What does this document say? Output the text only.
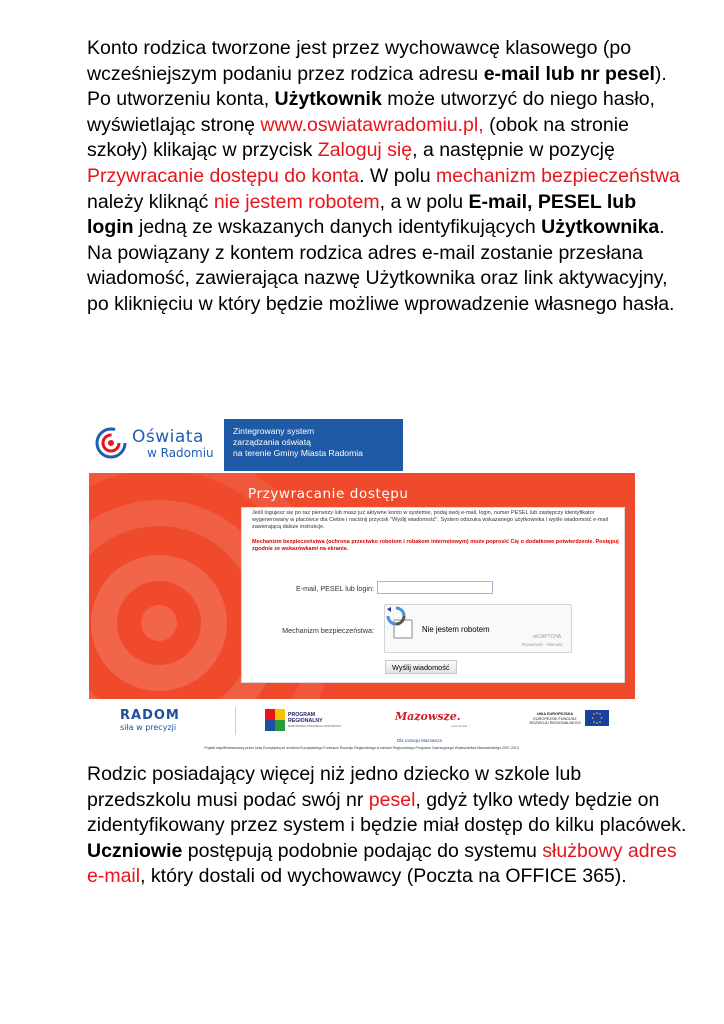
Konto rodzica tworzone jest przez wychowawcę klasowego (po wcześniejszym podaniu przez rodzica adresu e-mail lub nr pesel). Po utworzeniu konta, Użytkownik może utworzyć do niego hasło, wyświetlając stronę www.oswiatawradomiu.pl, (obok na stronie szkoły) klikając w przycisk Zaloguj się, a następnie w pozycję Przywracanie dostępu do konta. W polu mechanizm bezpieczeństwa należy kliknąć nie jestem robotem, a w polu E-mail, PESEL lub login jedną ze wskazanych danych identyfikujących Użytkownika. Na powiązany z kontem rodzica adres e-mail zostanie przesłana wiadomość, zawierająca nazwę Użytkownika oraz link aktywacyjny, po kliknięciu w który będzie możliwe wprowadzenie własnego hasła.
Oświata
w Radomiu
Zintegrowany system
zarządzania oświatą
na terenie Gminy Miasta Radomia
Przywracanie dostępu
Jeśli logujesz się po raz pierwszy lub masz już aktywne konto w systemie, podaj swój e-mail, login, numer PESEL lub zastępczy identyfikator wygenerowany w placówce dla Ciebie i naciśnij przycisk "Wyślij wiadomość". System odszuka wskazanego użytkownika i wyśle wiadomość e-mail zawierającą dalsze instrukcje.
Mechanizm bezpieczeństwa (ochrona przeciwko robotom i robakom internetowym) może poprosić Cię o dodatkowe potwierdzenie. Postępuj zgodnie ze wskazówkami na ekranie.
E-mail, PESEL lub login:
Mechanizm bezpieczeństwa:	Nie jestem robotem
reCAPTCHA
Prywatność - Warunki
Wyślij wiadomość
RADOM
siła w precyzji
PROGRAM
REGIONALNY
NARODOWA STRATEGIA SPÓJNOŚCI
Mazowsze.
serce Polski
UNIA EUROPEJSKA
EUROPEJSKI FUNDUSZ
ROZWOJU REGIONALNEGO
Dla rozwoju Mazowsza
Projekt współfinansowany przez Unię Europejską ze środków Europejskiego Funduszu Rozwoju Regionalnego w ramach Regionalnego Programu Operacyjnego Województwa Mazowieckiego 2007-2013
Rodzic posiadający więcej niż jedno dziecko w szkole lub przedszkolu musi podać swój nr pesel, gdyż tylko wtedy będzie on zidentyfikowany przez system i będzie miał dostęp do kilku placówek.
Uczniowie postępują podobnie podając do systemu służbowy adres e-mail, który dostali od wychowawcy (Poczta na OFFICE 365).
